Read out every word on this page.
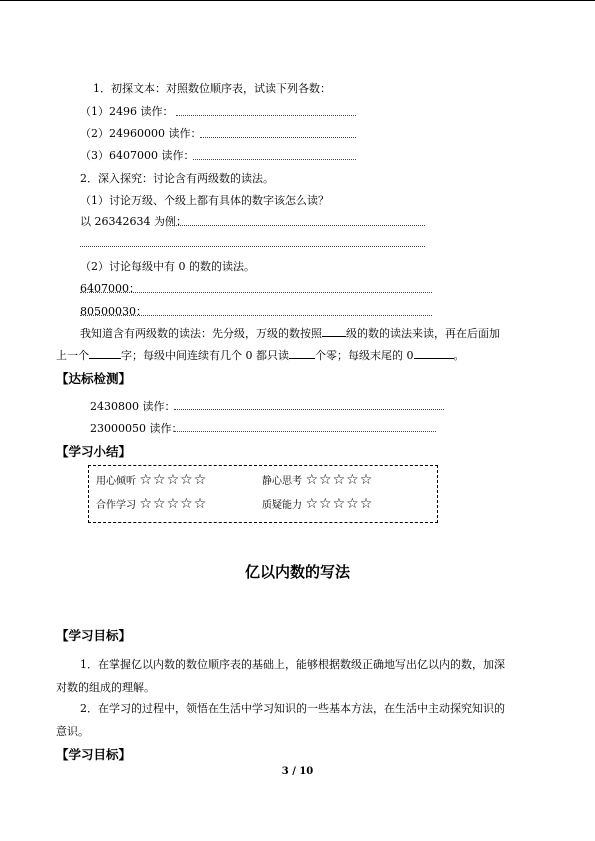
1．初探文本：对照数位顺序表，试读下列各数：
（1）2496 读作：
（2）24960000 读作：
（3）6407000 读作：
2．深入探究：讨论含有两级数的读法。
（1）讨论万级、个级上都有具体的数字该怎么读？
以 26342634 为例：
（2）讨论每级中有 0 的数的读法。
6407000：
80500030：
我知道含有两级数的读法：先分级，万级的数按照 级的数的读法来读，再在后面加
上一个	字；每级中间连续有几个 0 都只读 个零；每级末尾的 0	。
【达标检测】
2430800 读作：
23000050 读作：
【学习小结】
用心倾听 ☆☆☆☆☆	静心思考 ☆☆☆☆☆
合作学习 ☆☆☆☆☆	质疑能力 ☆☆☆☆☆
亿以内数的写法
【学习目标】
1．在掌握亿以内数的数位顺序表的基础上，能够根据数级正确地写出亿以内的数，加深
对数的组成的理解。
2．在学习的过程中，领悟在生活中学习知识的一些基本方法，在生活中主动探究知识的
意识。
【学习目标】
3 / 10
